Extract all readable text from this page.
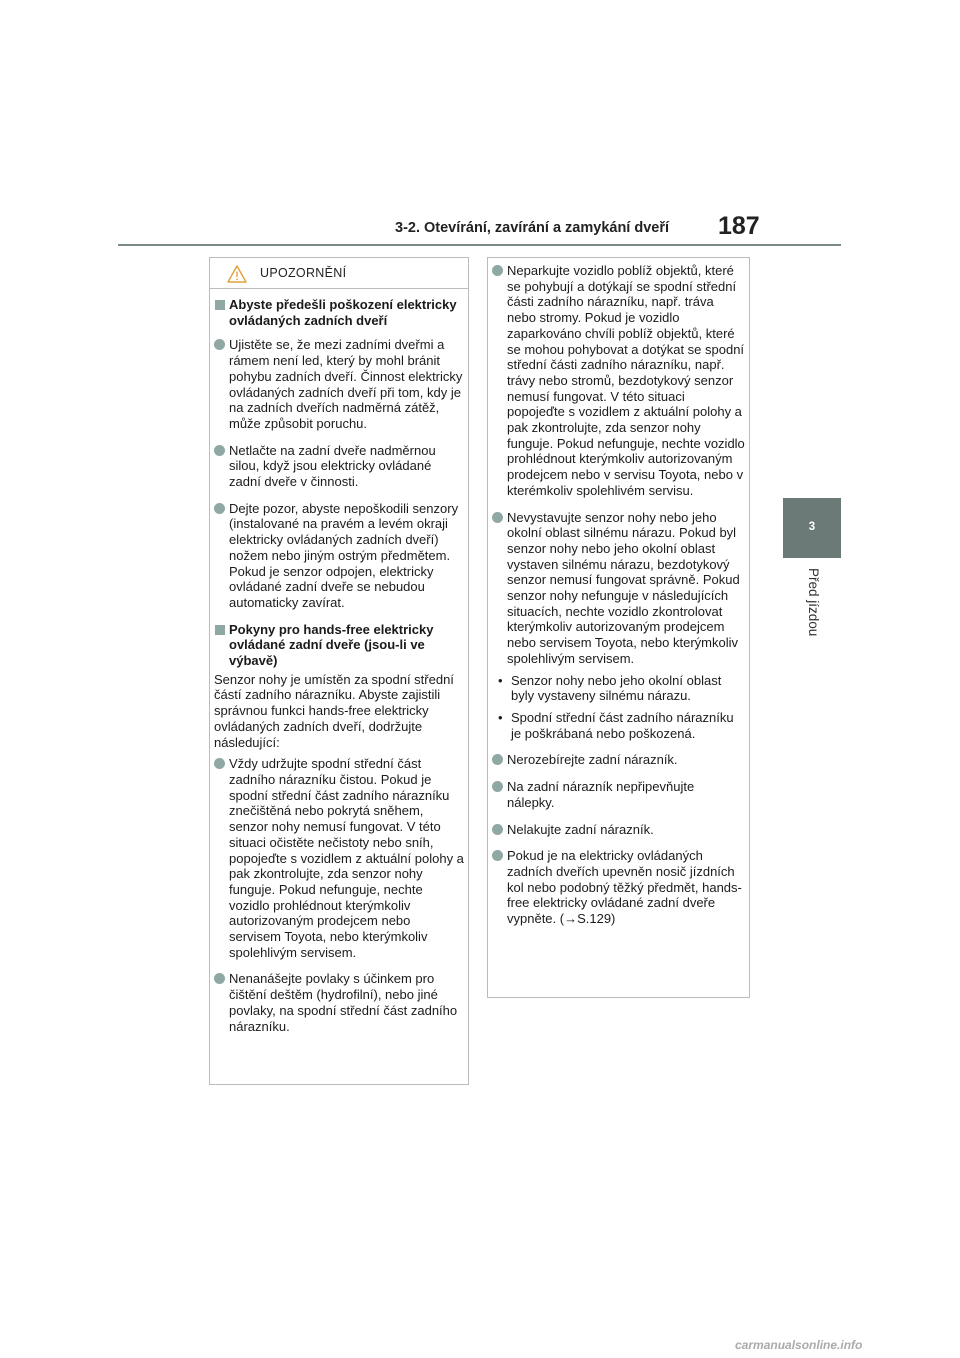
3-2. Otevírání, zavírání a zamykání dveří 187
3
Před jízdou
UPOZORNĚNÍ
Abyste předešli poškození elektricky ovládaných zadních dveří
Ujistěte se, že mezi zadními dveřmi a rámem není led, který by mohl bránit pohybu zadních dveří. Činnost elektricky ovládaných zadních dveří při tom, kdy je na zadních dveřích nadměrná zátěž, může způsobit poruchu.
Netlačte na zadní dveře nadměrnou silou, když jsou elektricky ovládané zadní dveře v činnosti.
Dejte pozor, abyste nepoškodili senzory (instalované na pravém a levém okraji elektricky ovládaných zadních dveří) nožem nebo jiným ostrým předmětem. Pokud je senzor odpojen, elektricky ovládané zadní dveře se nebudou automaticky zavírat.
Pokyny pro hands-free elektricky ovládané zadní dveře (jsou-li ve výbavě)
Senzor nohy je umístěn za spodní střední částí zadního nárazníku. Abyste zajistili správnou funkci hands-free elektricky ovládaných zadních dveří, dodržujte následující:
Vždy udržujte spodní střední část zadního nárazníku čistou. Pokud je spodní střední část zadního nárazníku znečištěná nebo pokrytá sněhem, senzor nohy nemusí fungovat. V této situaci očistěte nečistoty nebo sníh, popojeďte s vozidlem z aktuální polohy a pak zkontrolujte, zda senzor nohy funguje. Pokud nefunguje, nechte vozidlo prohlédnout kterýmkoliv autorizovaným prodejcem nebo servisem Toyota, nebo kterýmkoliv spolehlivým servisem.
Nenanášejte povlaky s účinkem pro čištění deštěm (hydrofilní), nebo jiné povlaky, na spodní střední část zadního nárazníku.
Neparkujte vozidlo poblíž objektů, které se pohybují a dotýkají se spodní střední části zadního nárazníku, např. tráva nebo stromy. Pokud je vozidlo zaparkováno chvíli poblíž objektů, které se mohou pohybovat a dotýkat se spodní střední části zadního nárazníku, např. trávy nebo stromů, bezdotykový senzor nemusí fungovat. V této situaci popojeďte s vozidlem z aktuální polohy a pak zkontrolujte, zda senzor nohy funguje. Pokud nefunguje, nechte vozidlo prohlédnout kterýmkoliv autorizovaným prodejcem nebo v servisu Toyota, nebo v kterémkoliv spolehlivém servisu.
Nevystavujte senzor nohy nebo jeho okolní oblast silnému nárazu. Pokud byl senzor nohy nebo jeho okolní oblast vystaven silnému nárazu, bezdotykový senzor nemusí fungovat správně. Pokud senzor nohy nefunguje v následujících situacích, nechte vozidlo zkontrolovat kterýmkoliv autorizovaným prodejcem nebo servisem Toyota, nebo kterýmkoliv spolehlivým servisem.
• Senzor nohy nebo jeho okolní oblast byly vystaveny silnému nárazu.
• Spodní střední část zadního nárazníku je poškrábaná nebo poškozená.
Nerozebírejte zadní nárazník.
Na zadní nárazník nepřipevňujte nálepky.
Nelakujte zadní nárazník.
Pokud je na elektricky ovládaných zadních dveřích upevněn nosič jízdních kol nebo podobný těžký předmět, hands-free elektricky ovládané zadní dveře vypněte. (→S.129)
carmanualsonline.info
